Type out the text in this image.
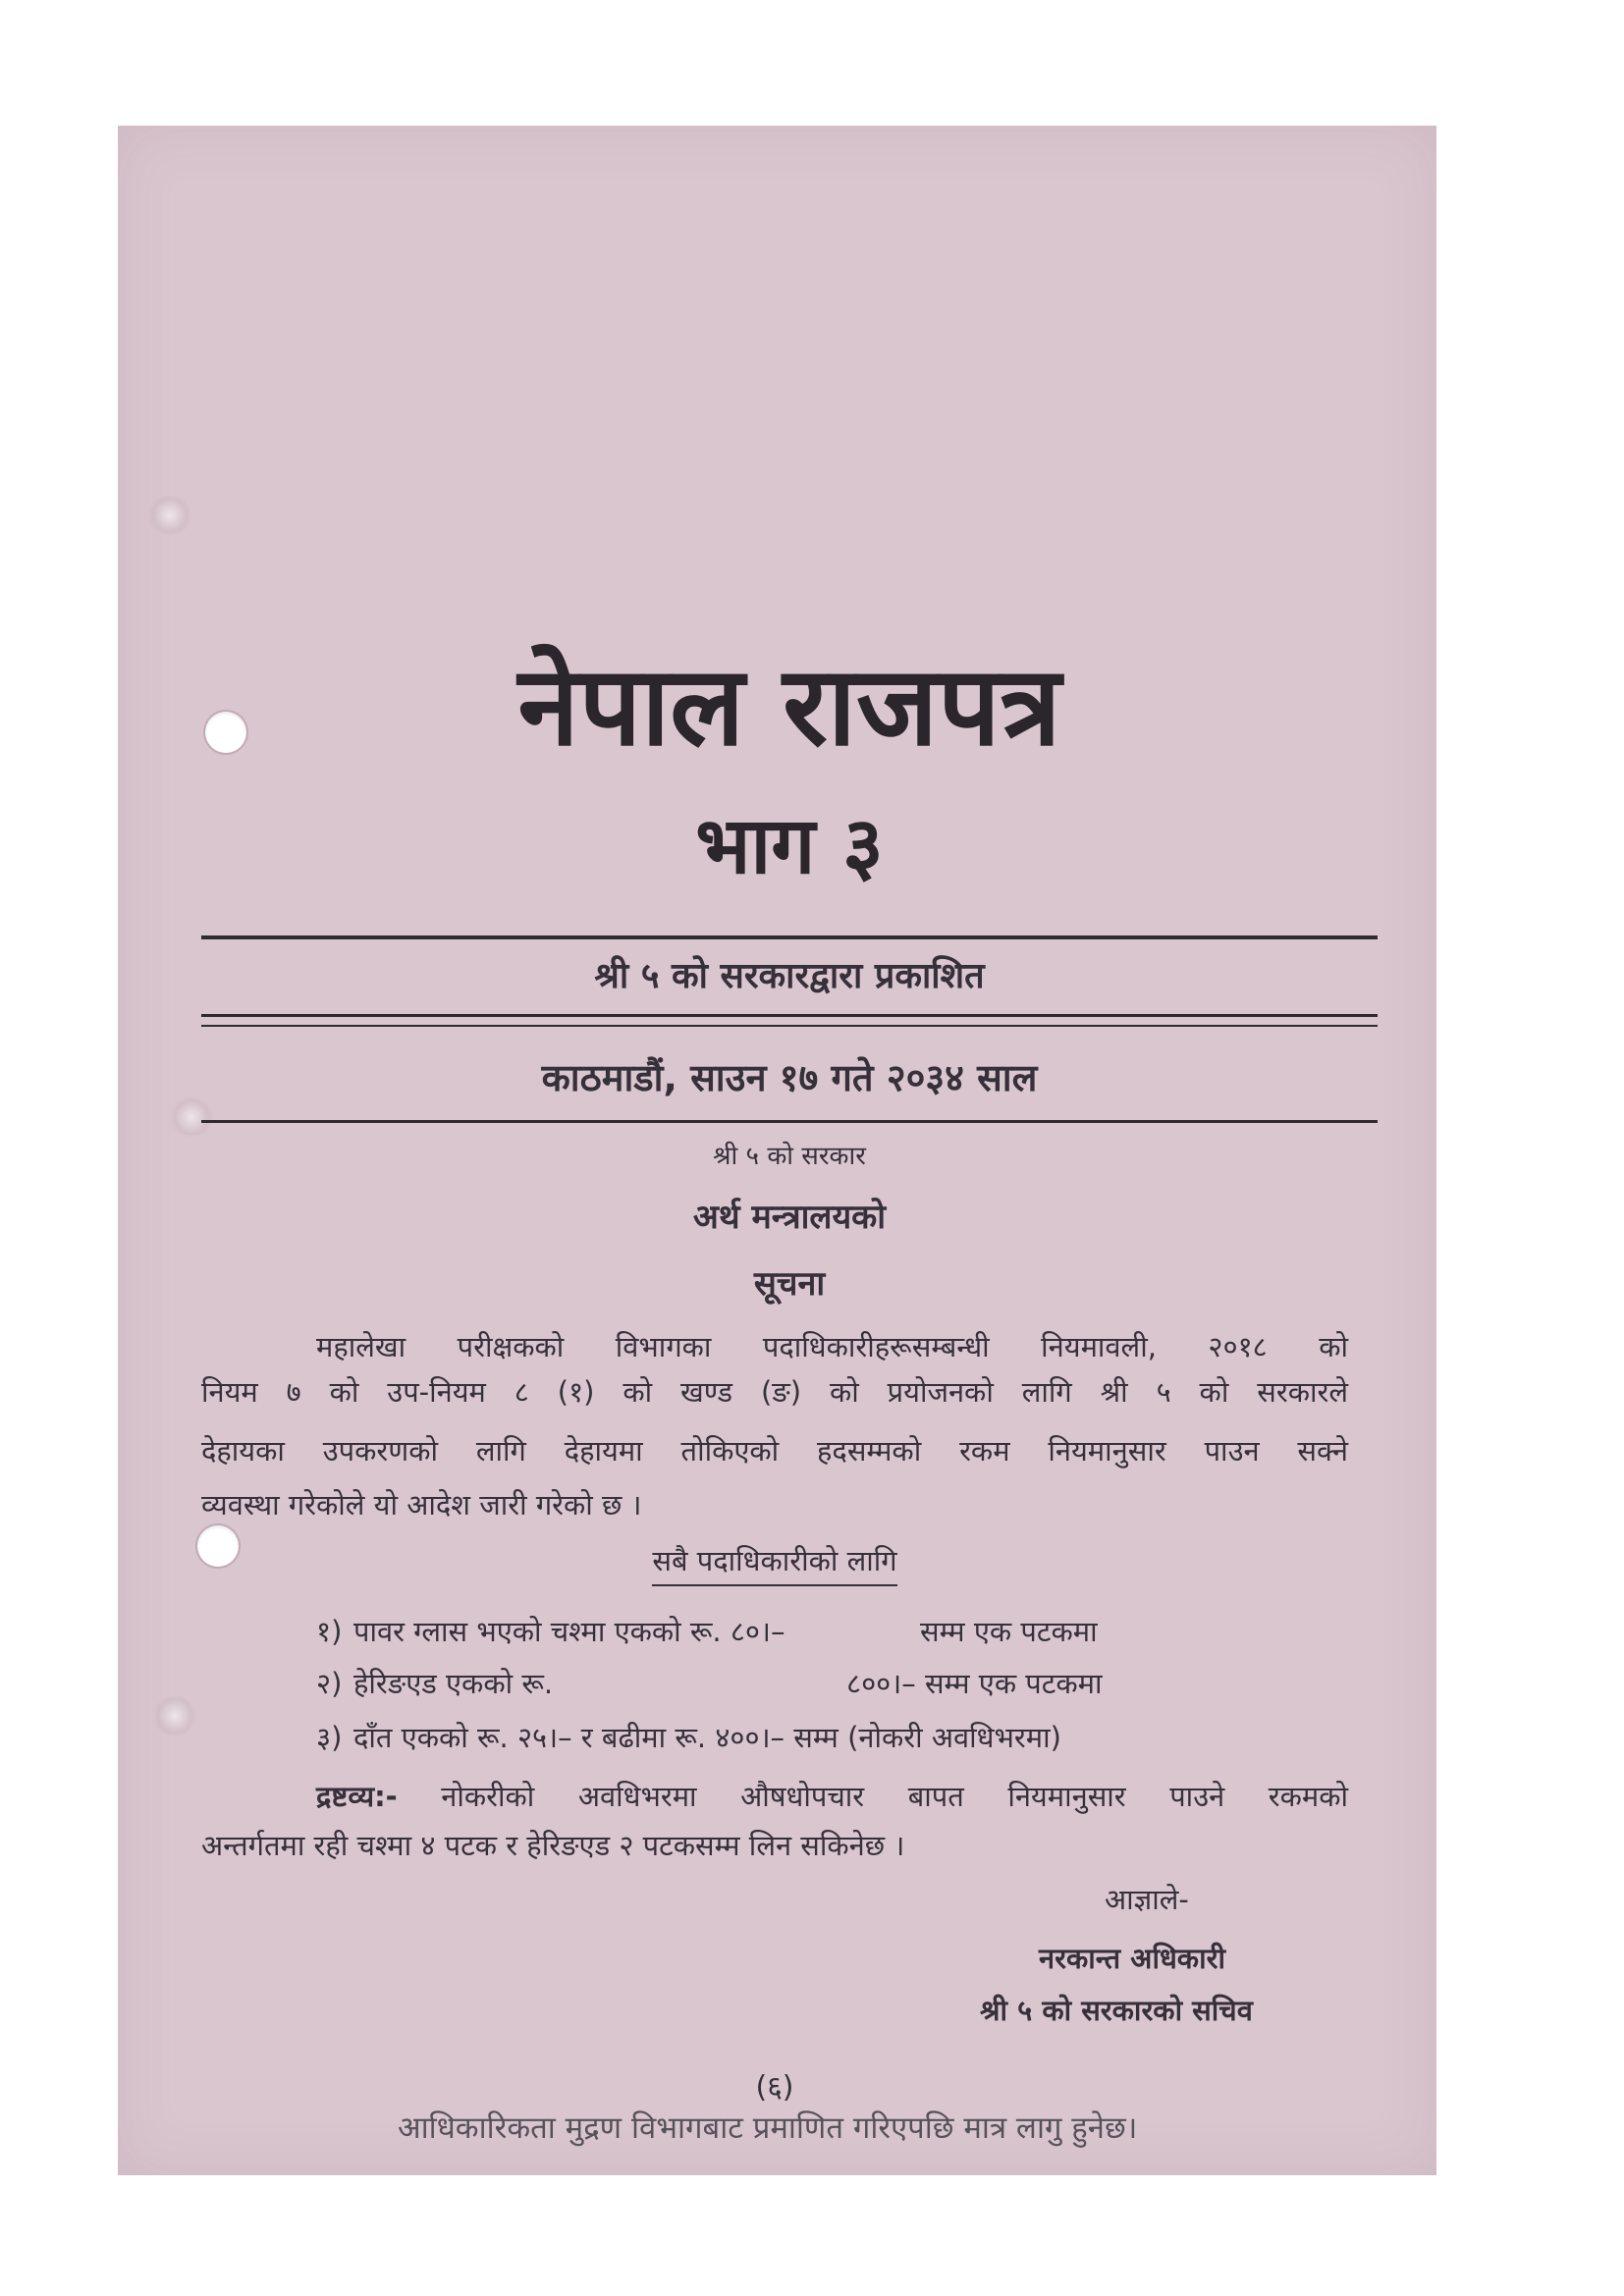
नेपाल राजपत्र
भाग ३
श्री ५ को सरकारद्वारा प्रकाशित
काठमाडौं, साउन १७ गते २०३४ साल
श्री ५ को सरकार
अर्थ मन्त्रालयको
सूचना
महालेखा परीक्षकको विभागका पदाधिकारीहरूसम्बन्धी नियमावली, २०१८ को
नियम ७ को उप-नियम ८ (१) को खण्ड (ङ) को प्रयोजनको लागि श्री ५ को सरकारले
देहायका उपकरणको लागि देहायमा तोकिएको हदसम्मको रकम नियमानुसार पाउन सक्ने
व्यवस्था गरेकोले यो आदेश जारी गरेको छ ।
सबै पदाधिकारीको लागि
१) पावर ग्लास भएको चश्मा एकको रू. ८०।–	सम्म एक पटकमा
२) हेरिङएड एकको रू.	८००।– सम्म एक पटकमा
३) दाँत एकको रू. २५।– र बढीमा रू. ४००।– सम्म (नोकरी अवधिभरमा)
द्रष्टव्य:- नोकरीको अवधिभरमा औषधोपचार बापत नियमानुसार पाउने रकमको
अन्तर्गतमा रही चश्मा ४ पटक र हेरिङएड २ पटकसम्म लिन सकिनेछ ।
आज्ञाले-
नरकान्त अधिकारी
श्री ५ को सरकारको सचिव
(६)
आधिकारिकता मुद्रण विभागबाट प्रमाणित गरिएपछि मात्र लागु हुनेछ।
